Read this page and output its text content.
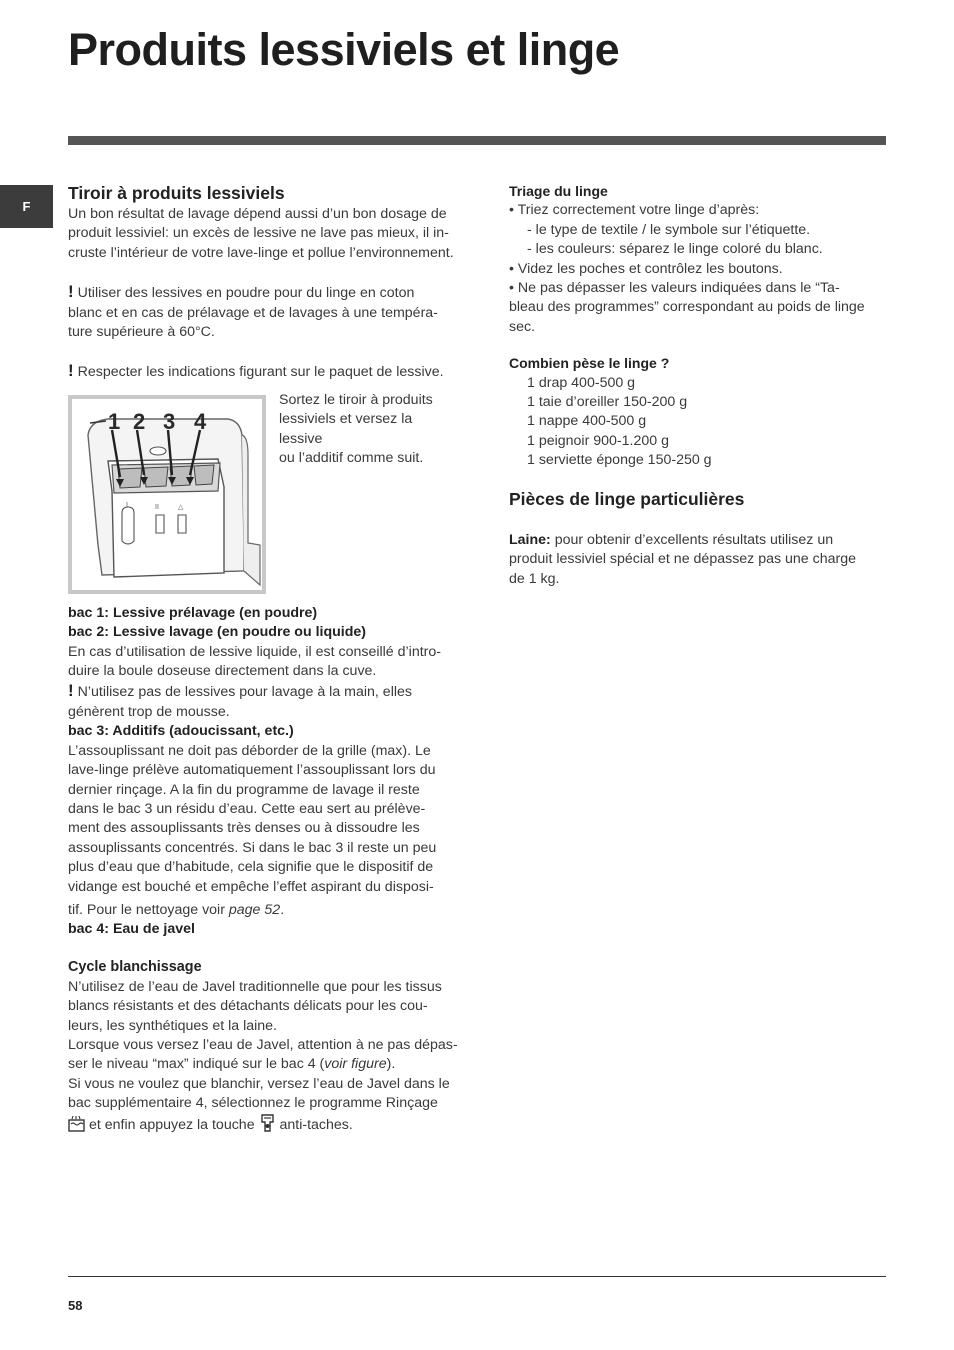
Produits lessiviels et linge
F
Tiroir à produits lessiviels

Un bon résultat de lavage dépend aussi d’un bon dosage de

produit lessiviel: un excès de lessive ne lave pas mieux, il in-

cruste l’intérieur de votre lave-linge et pollue l’environnement.

! Utiliser des lessives en poudre pour du linge en coton

blanc et en cas de prélavage et de lavages à une tempéra-

ture supérieure à 60°C.

! Respecter les indications figurant sur le paquet de lessive.

I	II	△
1 2 3 4

Sortez le tiroir à produits

lessiviels et versez la lessive

ou l’additif comme suit.

bac 1: Lessive prélavage (en poudre)

bac 2: Lessive lavage (en poudre ou liquide)

En cas d’utilisation de lessive liquide, il est conseillé d’intro-

duire la boule doseuse directement dans la cuve.

! N’utilisez pas de lessives pour lavage à la main, elles

génèrent trop de mousse.

bac 3: Additifs (adoucissant, etc.)

L’assouplissant ne doit pas déborder de la grille (max). Le

lave-linge prélève automatiquement l’assouplissant lors du

dernier rinçage. A la fin du programme de lavage il reste

dans le bac 3 un résidu d’eau. Cette eau sert au prélève-

ment des assouplissants très denses ou à dissoudre les

assouplissants concentrés. Si dans le bac 3 il reste un peu

plus d’eau que d’habitude, cela signifie que le dispositif de

vidange est bouché et empêche l’effet aspirant du disposi-

tif. Pour le nettoyage voir page 52.

bac 4: Eau de javel

Cycle blanchissage

N’utilisez de l’eau de Javel traditionnelle que pour les tissus

blancs résistants et des détachants délicats pour les cou-

leurs, les synthétiques et la laine.

Lorsque vous versez l’eau de Javel, attention à ne pas dépas-

ser le niveau “max” indiqué sur le bac 4 (voir figure).

Si vous ne voulez que blanchir, versez l’eau de Javel dans le

bac supplémentaire 4, sélectionnez le programme Rinçage

et enfin appuyez la touche  anti-taches.

Triage du linge

• Triez correctement votre linge d’après:

- le type de textile / le symbole sur l’étiquette.

- les couleurs: séparez le linge coloré du blanc.

• Videz les poches et contrôlez les boutons.

• Ne pas dépasser les valeurs indiquées dans le “Ta-

bleau des programmes” correspondant au poids de linge

sec.

Combien pèse le linge ?

1 drap 400-500 g

1 taie d’oreiller 150-200 g

1 nappe 400-500 g

1 peignoir 900-1.200 g

1 serviette éponge 150-250 g

Pièces de linge particulières

Laine: pour obtenir d’excellents résultats utilisez un

produit lessiviel spécial et ne dépassez pas une charge

de 1 kg.

58
